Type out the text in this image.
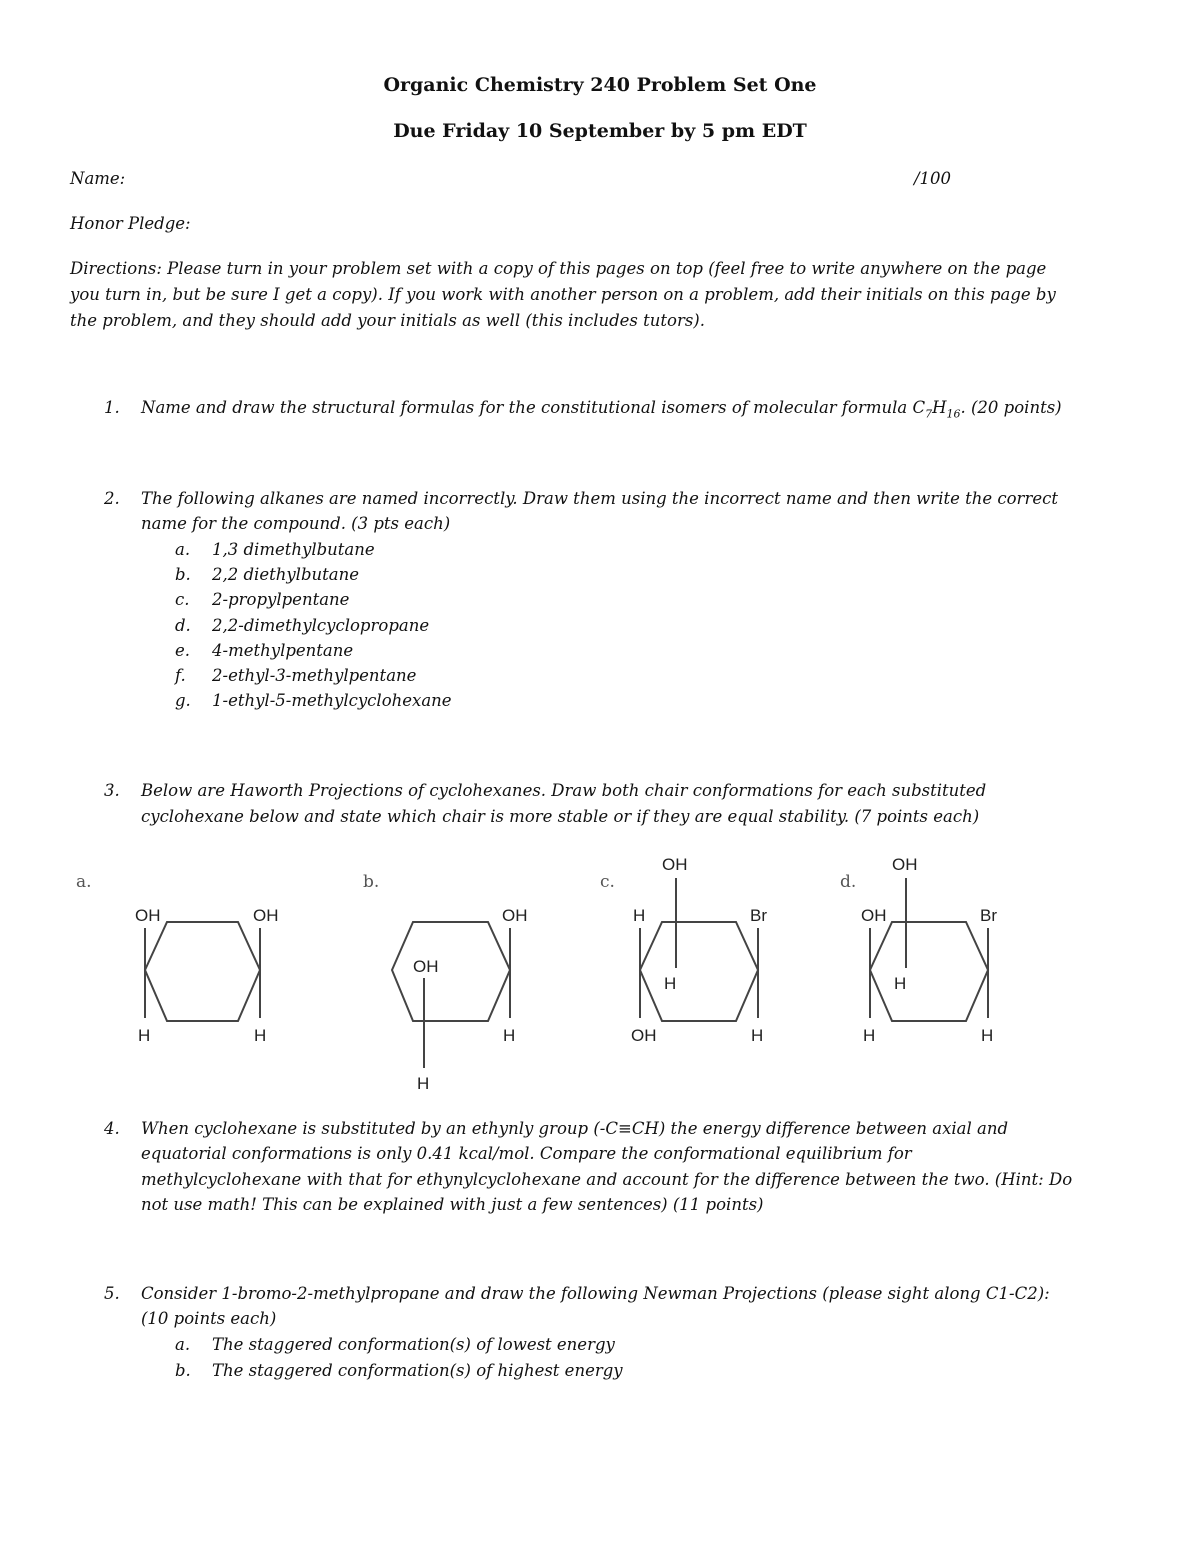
Organic Chemistry 240 Problem Set One
Due Friday 10 September by 5 pm EDT
Name:	/100
Honor Pledge:
Directions: Please turn in your problem set with a copy of this pages on top (feel free to write anywhere on the page
you turn in, but be sure I get a copy). If you work with another person on a problem, add their initials on this page by
the problem, and they should add your initials as well (this includes tutors).
1. Name and draw the structural formulas for the constitutional isomers of molecular formula $C_7H_{16}$. (20 points)
2. The following alkanes are named incorrectly. Draw them using the incorrect name and then write the correct
name for the compound. (3 pts each)
a. 1,3 dimethylbutane
b. 2,2 diethylbutane
c. 2-propylpentane
d. 2,2-dimethylcyclopropane
e. 4-methylpentane
f. 2-ethyl-3-methylpentane
g. 1-ethyl-5-methylcyclohexane
3. Below are Haworth Projections of cyclohexanes. Draw both chair conformations for each substituted
cyclohexane below and state which chair is more stable or if they are equal stability. (7 points each)
a.	b.	c.	d.
OH	OH
H	H
OH
OH
H
H
OH
H	Br
H
OH	H
OH
OH	Br
H
H	H
4. When cyclohexane is substituted by an ethynly group (-C≡CH) the energy difference between axial and
equatorial conformations is only 0.41 kcal/mol. Compare the conformational equilibrium for
methylcyclohexane with that for ethynylcyclohexane and account for the difference between the two. (Hint: Do
not use math! This can be explained with just a few sentences) (11 points)
5. Consider 1-bromo-2-methylpropane and draw the following Newman Projections (please sight along C1-C2):
(10 points each)
a. The staggered conformation(s) of lowest energy
b. The staggered conformation(s) of highest energy
